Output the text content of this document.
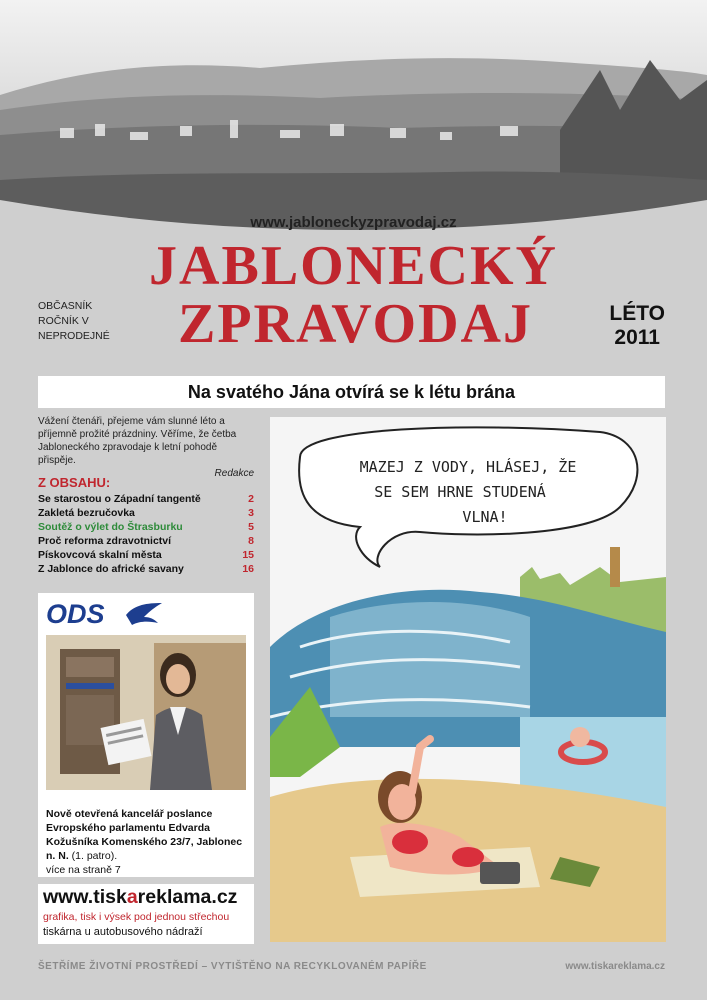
www.jabloneckyzpravodaj.cz
JABLONECKÝ
ZPRAVODAJ
OBČASNÍK
ROČNÍK V
NEPRODEJNÉ
LÉTO
2011
Na svatého Jána otvírá se k létu brána
Vážení čtenáři, přejeme vám slunné léto a příjemně prožité prázdniny. Věříme, že četba Jabloneckého zpravodaje k letní pohodě přispěje.
Redakce
Z OBSAHU:
Se starostou o Západní tangentě	2
Zakletá bezručovka	3
Soutěž o výlet do Štrasburku	5
Proč reforma zdravotnictví	8
Pískovcová skalní města	15
Z Jablonce do africké savany	16
ODS
Nově otevřená kancelář poslance Evropského parlamentu Edvarda Kožušníka Komenského 23/7, Jablonec n. N. (1. patro).
více na straně 7
www.tiskareklama.cz
grafika, tisk i výsek pod jednou střechou
tiskárna u autobusového nádraží
MAZEJ Z VODY, HLÁSEJ, ŽE
SE SEM HRNE STUDENÁ
VLNA!
ŠETŘÍME ŽIVOTNÍ PROSTŘEDÍ – VYTIŠTĚNO NA RECYKLOVANÉM PAPÍŘE	www.tiskareklama.cz
